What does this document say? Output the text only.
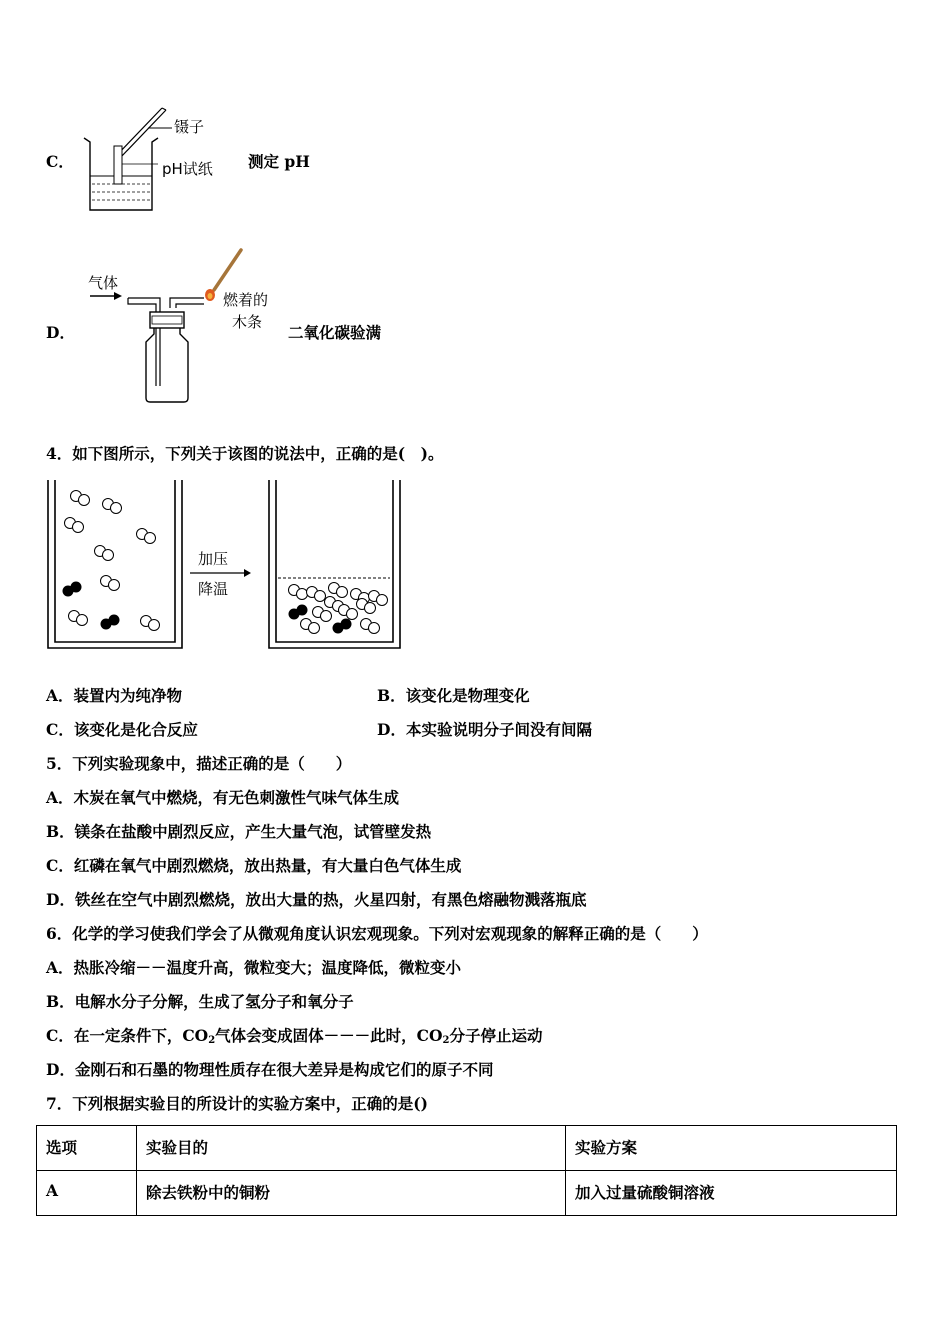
C．
镊子
pH试纸 测定 pH
D．
气体
燃着的
木条
二氧化碳验满
4．如下图所示，下列关于该图的说法中，正确的是(　)。
加压
降温
A．装置内为纯净物	B．该变化是物理变化
C．该变化是化合反应	D．本实验说明分子间没有间隔
5．下列实验现象中，描述正确的是（　　）
A．木炭在氧气中燃烧，有无色刺激性气味气体生成
B．镁条在盐酸中剧烈反应，产生大量气泡，试管壁发热
C．红磷在氧气中剧烈燃烧，放出热量，有大量白色气体生成
D．铁丝在空气中剧烈燃烧，放出大量的热，火星四射，有黑色熔融物溅落瓶底
6．化学的学习使我们学会了从微观角度认识宏观现象。下列对宏观现象的解释正确的是（　　）
A．热胀冷缩－－温度升高，微粒变大；温度降低，微粒变小
B．电解水分子分解，生成了氢分子和氧分子
C．在一定条件下，$CO_2$气体会变成固体－－－此时，$CO_2$分子停止运动
D．金刚石和石墨的物理性质存在很大差异是构成它们的原子不同
7．下列根据实验目的所设计的实验方案中，正确的是()
选项	实验目的	实验方案
A	除去铁粉中的铜粉	加入过量硫酸铜溶液
